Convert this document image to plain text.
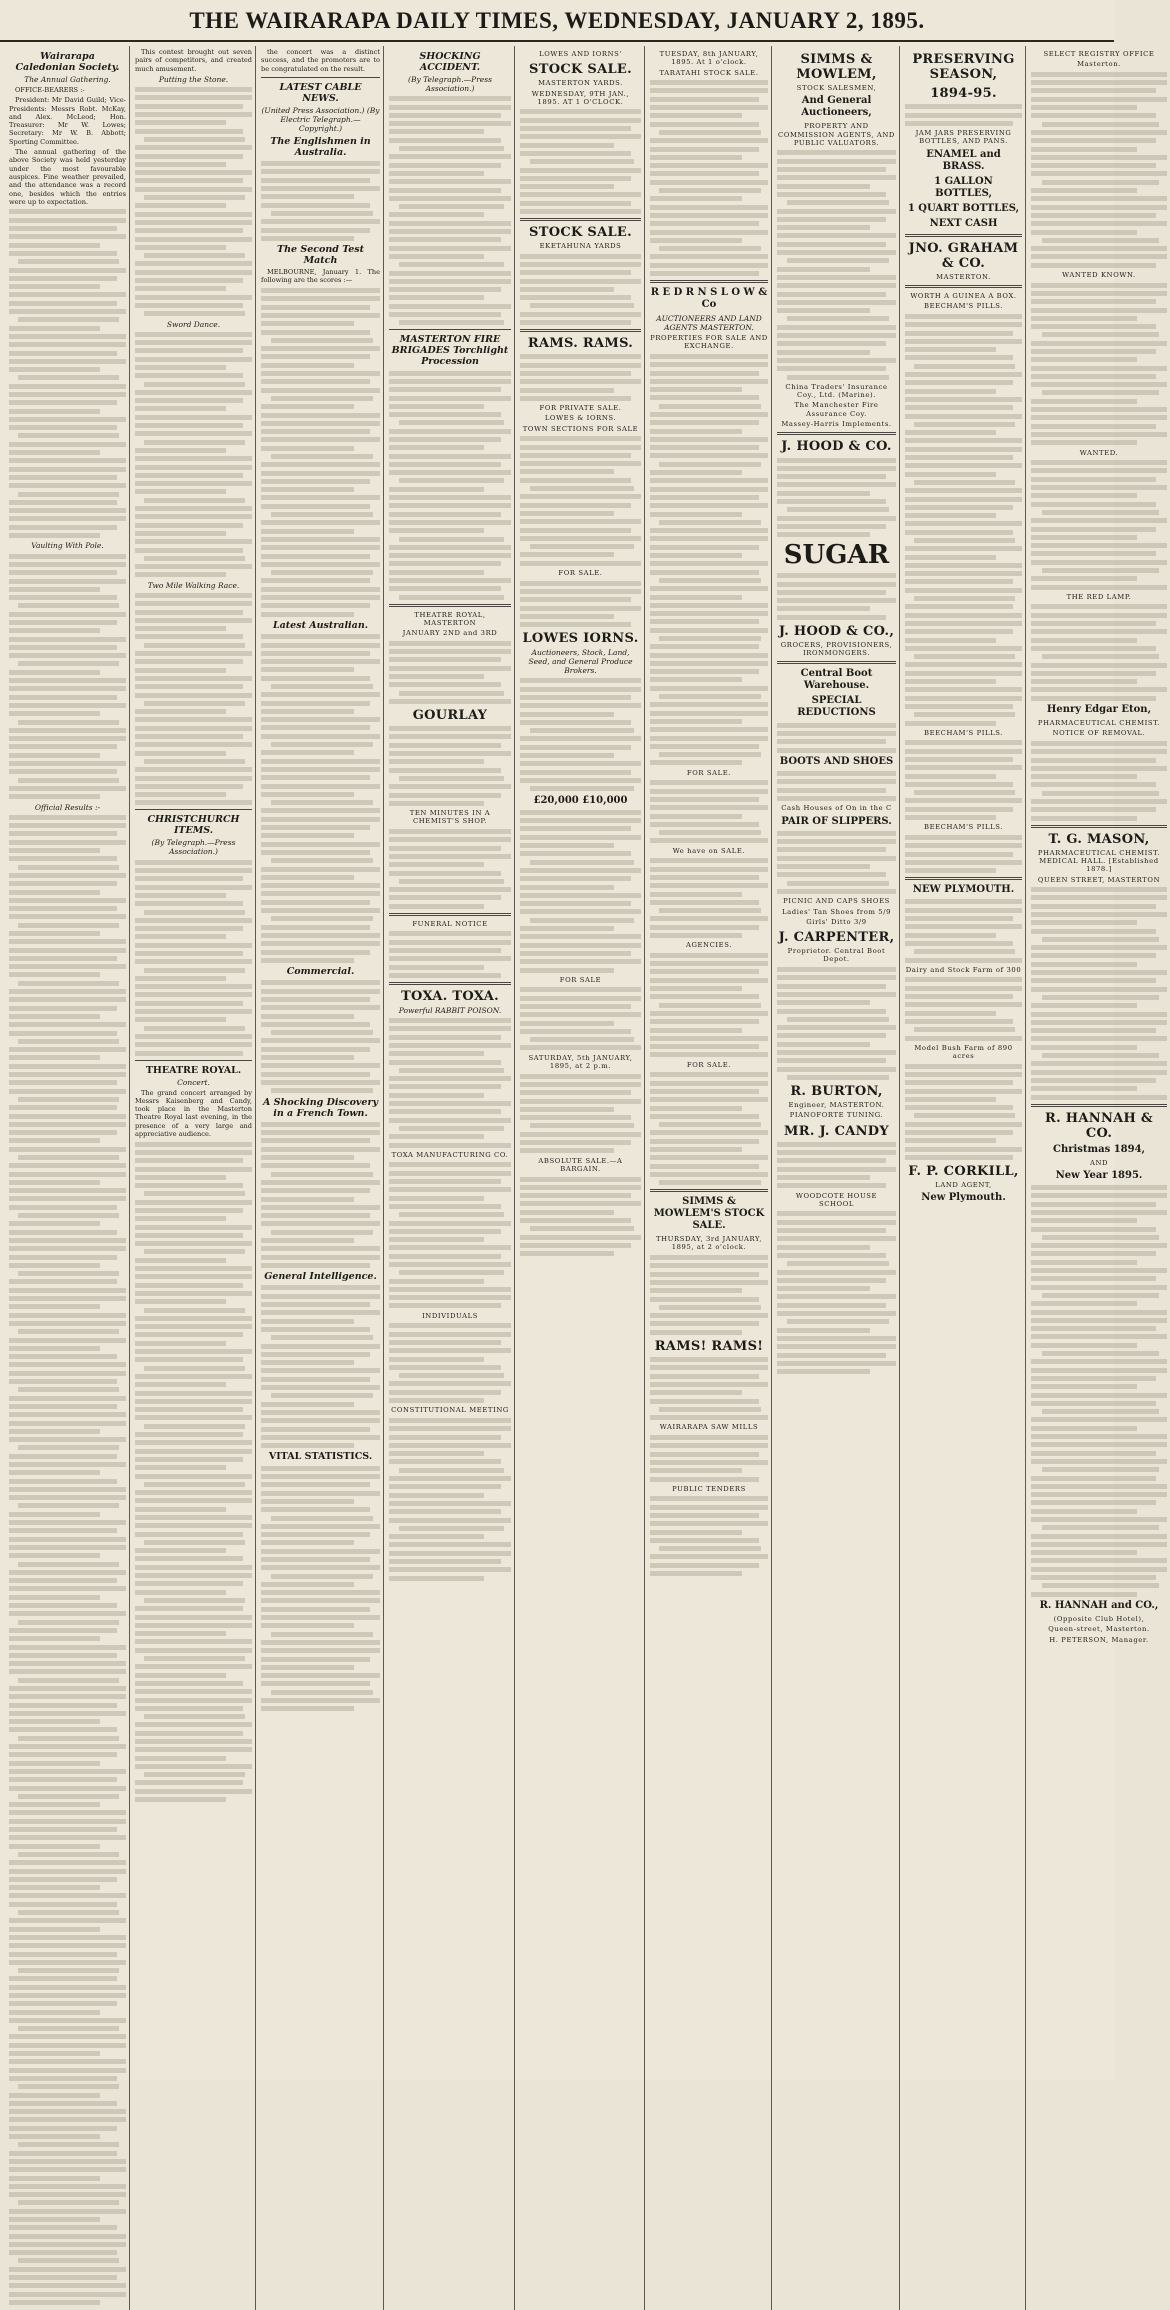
THE WAIRARAPA DAILY TIMES, WEDNESDAY, JANUARY 2, 1895.
Wairarapa Caledonian Society.
The Annual Gathering.
OFFICE-BEARERS :-
President: Mr David Guild; Vice-Presidents: Messrs Robt. McKay, and Alex. McLeod; Hon. Treasurer: Mr W. Lowes; Secretary: Mr W. B. Abbott; Sporting Committee.
The annual gathering of the above Society was held yesterday under the most favourable auspices. Fine weather prevailed, and the attendance was a record one, besides which the entries were up to expectation.

Vaulting With Pole.

Official Results :-

This contest brought out seven pairs of competitors, and created much amusement.
Putting the Stone.

Sword Dance.

Two Mile Walking Race.

CHRISTCHURCH ITEMS.
(By Telegraph.—Press Association.)

THEATRE ROYAL.
Concert.
The grand concert arranged by Messrs Kaisenberg and Candy, took place in the Masterton Theatre Royal last evening, in the presence of a very large and appreciative audience.

the concert was a distinct success, and the promoters are to be congratulated on the result.
LATEST CABLE NEWS.
(United Press Association.) (By Electric Telegraph.—Copyright.)
The Englishmen in Australia.

The Second Test Match
MELBOURNE, January 1. The following are the scores :—

Latest Australian.

Commercial.

A Shocking Discovery in a French Town.

General Intelligence.

VITAL STATISTICS.

SHOCKING ACCIDENT.
(By Telegraph.—Press Association.)

MASTERTON FIRE BRIGADES Torchlight Procession

THEATRE ROYAL, MASTERTON
JANUARY 2ND and 3RD

GOURLAY

TEN MINUTES IN A CHEMIST'S SHOP.

FUNERAL NOTICE

TOXA. TOXA.
Powerful RABBIT POISON.

TOXA MANUFACTURING CO.

INDIVIDUALS

CONSTITUTIONAL MEETING

LOWES AND IORNS'
STOCK SALE.
MASTERTON YARDS.
WEDNESDAY, 9TH JAN., 1895. AT 1 O'CLOCK.

STOCK SALE.
EKETAHUNA YARDS

RAMS. RAMS.

FOR PRIVATE SALE.
LOWES & IORNS.
TOWN SECTIONS FOR SALE

FOR SALE.

LOWES IORNS.
Auctioneers, Stock, Land, Seed, and General Produce Brokers.

£20,000 £10,000

FOR SALE

SATURDAY, 5th JANUARY, 1895, at 2 p.m.

ABSOLUTE SALE.—A BARGAIN.

TUESDAY, 8th JANUARY, 1895. At 1 o'clock.
TARATAHI STOCK SALE.

R E D R N S L O W & Co
AUCTIONEERS AND LAND AGENTS MASTERTON.
PROPERTIES FOR SALE AND EXCHANGE.

FOR SALE.

We have on SALE.

AGENCIES.

FOR SALE.

SIMMS & MOWLEM'S STOCK SALE.
THURSDAY, 3rd JANUARY, 1895, at 2 o'clock.

RAMS! RAMS!

WAIRARAPA SAW MILLS

PUBLIC TENDERS

SIMMS & MOWLEM,
STOCK SALESMEN,
And General Auctioneers,
PROPERTY AND COMMISSION AGENTS, AND PUBLIC VALUATORS.

China Traders' Insurance Coy., Ltd. (Marine).
The Manchester Fire Assurance Coy.
Massey-Harris Implements.
J. HOOD & CO.

SUGAR

J. HOOD & CO.,
GROCERS, PROVISIONERS, IRONMONGERS.
Central Boot Warehouse.
SPECIAL REDUCTIONS

BOOTS AND SHOES

Cash Houses of On in the C
PAIR OF SLIPPERS.

PICNIC AND CAPS SHOES
Ladies' Tan Shoes from 5/9
Girls' Ditto 3/9
J. CARPENTER,
Proprietor. Central Boot Depot.

R. BURTON,
Engineer, MASTERTON.
PIANOFORTE TUNING.
MR. J. CANDY

WOODCOTE HOUSE SCHOOL

PRESERVING SEASON,
1894-95.

JAM JARS PRESERVING BOTTLES, AND PANS.
ENAMEL and BRASS.
1 GALLON BOTTLES,
1 QUART BOTTLES,
NEXT CASH
JNO. GRAHAM & CO.
MASTERTON.
WORTH A GUINEA A BOX.
BEECHAM'S PILLS.

BEECHAM'S PILLS.

BEECHAM'S PILLS.

NEW PLYMOUTH.

Dairy and Stock Farm of 300

Model Bush Farm of 890 acres

F. P. CORKILL,
LAND AGENT,
New Plymouth.
SELECT REGISTRY OFFICE
Masterton.

WANTED KNOWN.

WANTED.

THE RED LAMP.

Henry Edgar Eton,
PHARMACEUTICAL CHEMIST.
NOTICE OF REMOVAL.

T. G. MASON,
PHARMACEUTICAL CHEMIST. MEDICAL HALL. [Established 1878.]
QUEEN STREET, MASTERTON

R. HANNAH & CO.
Christmas 1894,
AND
New Year 1895.

R. HANNAH and CO.,
(Opposite Club Hotel),
Queen-street, Masterton.
H. PETERSON, Manager.
